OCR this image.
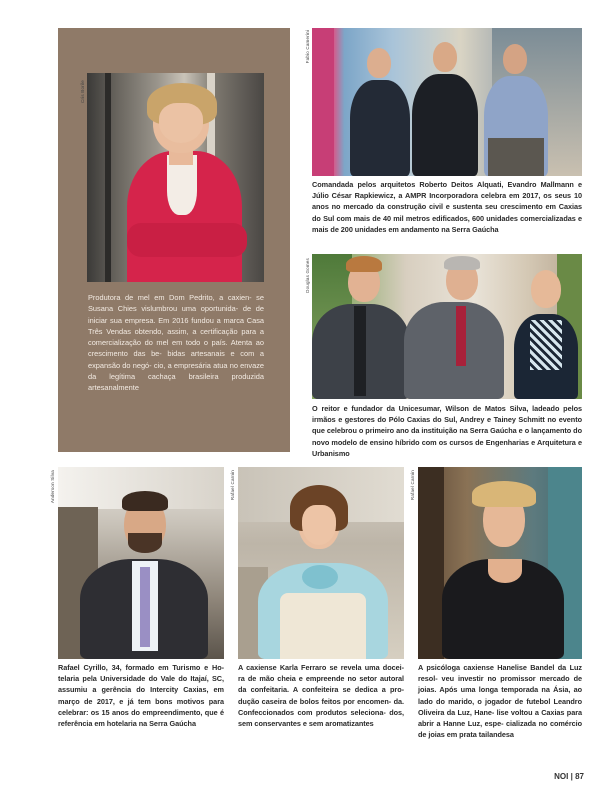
Cris Borile
Produtora de mel em Dom Pedrito, a caxien- se Susana Chies vislumbrou uma oportunida- de de iniciar sua empresa. Em 2016 fundou a marca Casa Três Vendas obtendo, assim, a certificação para a comercialização do mel em todo o país. Atenta ao crescimento das be- bidas artesanais e com a expansão do negó- cio, a empresária atua no envaze da legítima cachaça brasileira produzida artesanalmente
Fabio Camerini
Comandada pelos arquitetos Roberto Deitos Alquati, Evandro Mallmann e Júlio César Rapkiewicz, a AMPR Incorporadora celebra em 2017, os seus 10 anos no mercado da construção civil e sustenta seu crescimento em Caxias do Sul com mais de 40 mil metros edificados, 600 unidades comercializadas e mais de 200 unidades em andamento na Serra Gaúcha
Douglas Gomes
O reitor e fundador da Unicesumar, Wilson de Matos Silva, ladeado pelos irmãos e gestores do Pólo Caxias do Sul, Andrey e Tainey Schmitt no evento que celebrou o primeiro ano da instituição na Serra Gaúcha e o lançamento do novo modelo de ensino híbrido com os cursos de Engenharias e Arquitetura e Urbanismo
Anderson Silva
Rafael Cyrillo, 34, formado em Turismo e Ho- telaria pela Universidade do Vale do Itajaí, SC, assumiu a gerência do Intercity Caxias, em março de 2017, e já tem bons motivos para celebrar: os 15 anos do empreendimento, que é referência em hotelaria na Serra Gaúcha
Rafael Carnin
A caxiense Karla Ferraro se revela uma docei- ra de mão cheia e empreende no setor autoral da confeitaria. A confeiteira se dedica a pro- dução caseira de bolos feitos por encomen- da. Confeccionados com produtos seleciona- dos, sem conservantes e sem aromatizantes
Rafael Carnin
A psicóloga caxiense Hanelise Bandel da Luz resol- veu investir no promissor mercado de joias. Após uma longa temporada na Ásia, ao lado do marido, o jogador de futebol Leandro Oliveira da Luz, Hane- lise voltou a Caxias para abrir a Hanne Luz, espe- cializada no comércio de joias em prata tailandesa
NOI | 87
